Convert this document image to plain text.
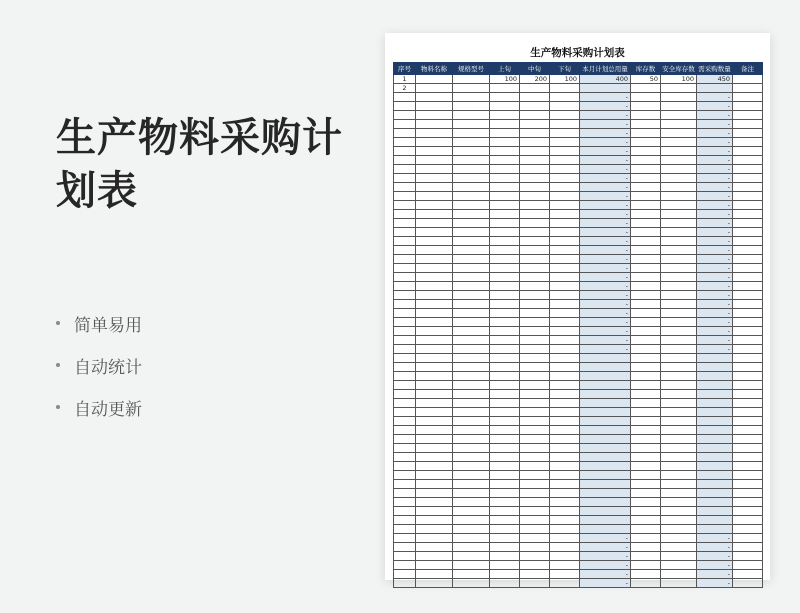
生产物料采购计划表
简单易用
自动统计
自动更新
生产物料采购计划表
序号	物料名称	规格型号	上旬	中旬	下旬	本月计划总用量	库存数	安全库存数	需采购数量	备注
1			100	200	100	400	50	100	450	
2										
						-			-	
						-			-	
						-			-	
						-			-	
						-			-	
						-			-	
						-			-	
						-			-	
						-			-	
						-			-	
						-			-	
						-			-	
						-			-	
						-			-	
						-			-	
						-			-	
						-			-	
						-			-	
						-			-	
						-			-	
						-			-	
						-			-	
						-			-	
						-			-	
						-			-	
						-			-	
						-			-	
						-			-	
						-			-	

						-			-	
						-			-	
						-			-	
						-			-	
						-			-	
						-			-	
